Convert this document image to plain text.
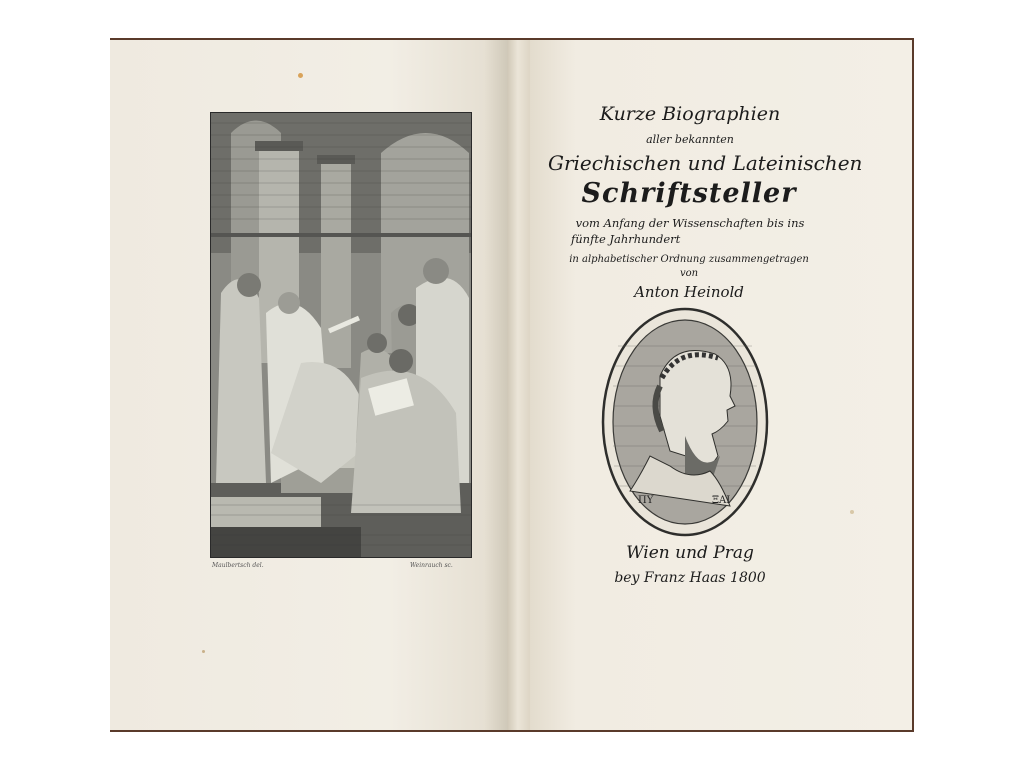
Maulbertsch del.	Weinrauch sc.
Kurze Biographien
aller bekannten
Griechischen und Lateinischen
Schriftsteller
vom Anfang der Wissenschaften bis ins
fünfte Jahrhundert
in alphabetischer Ordnung zusammengetragen
von
Anton Heinold
ΠΥ	ΞΑΙ
Wien und Prag
bey Franz Haas 1800
